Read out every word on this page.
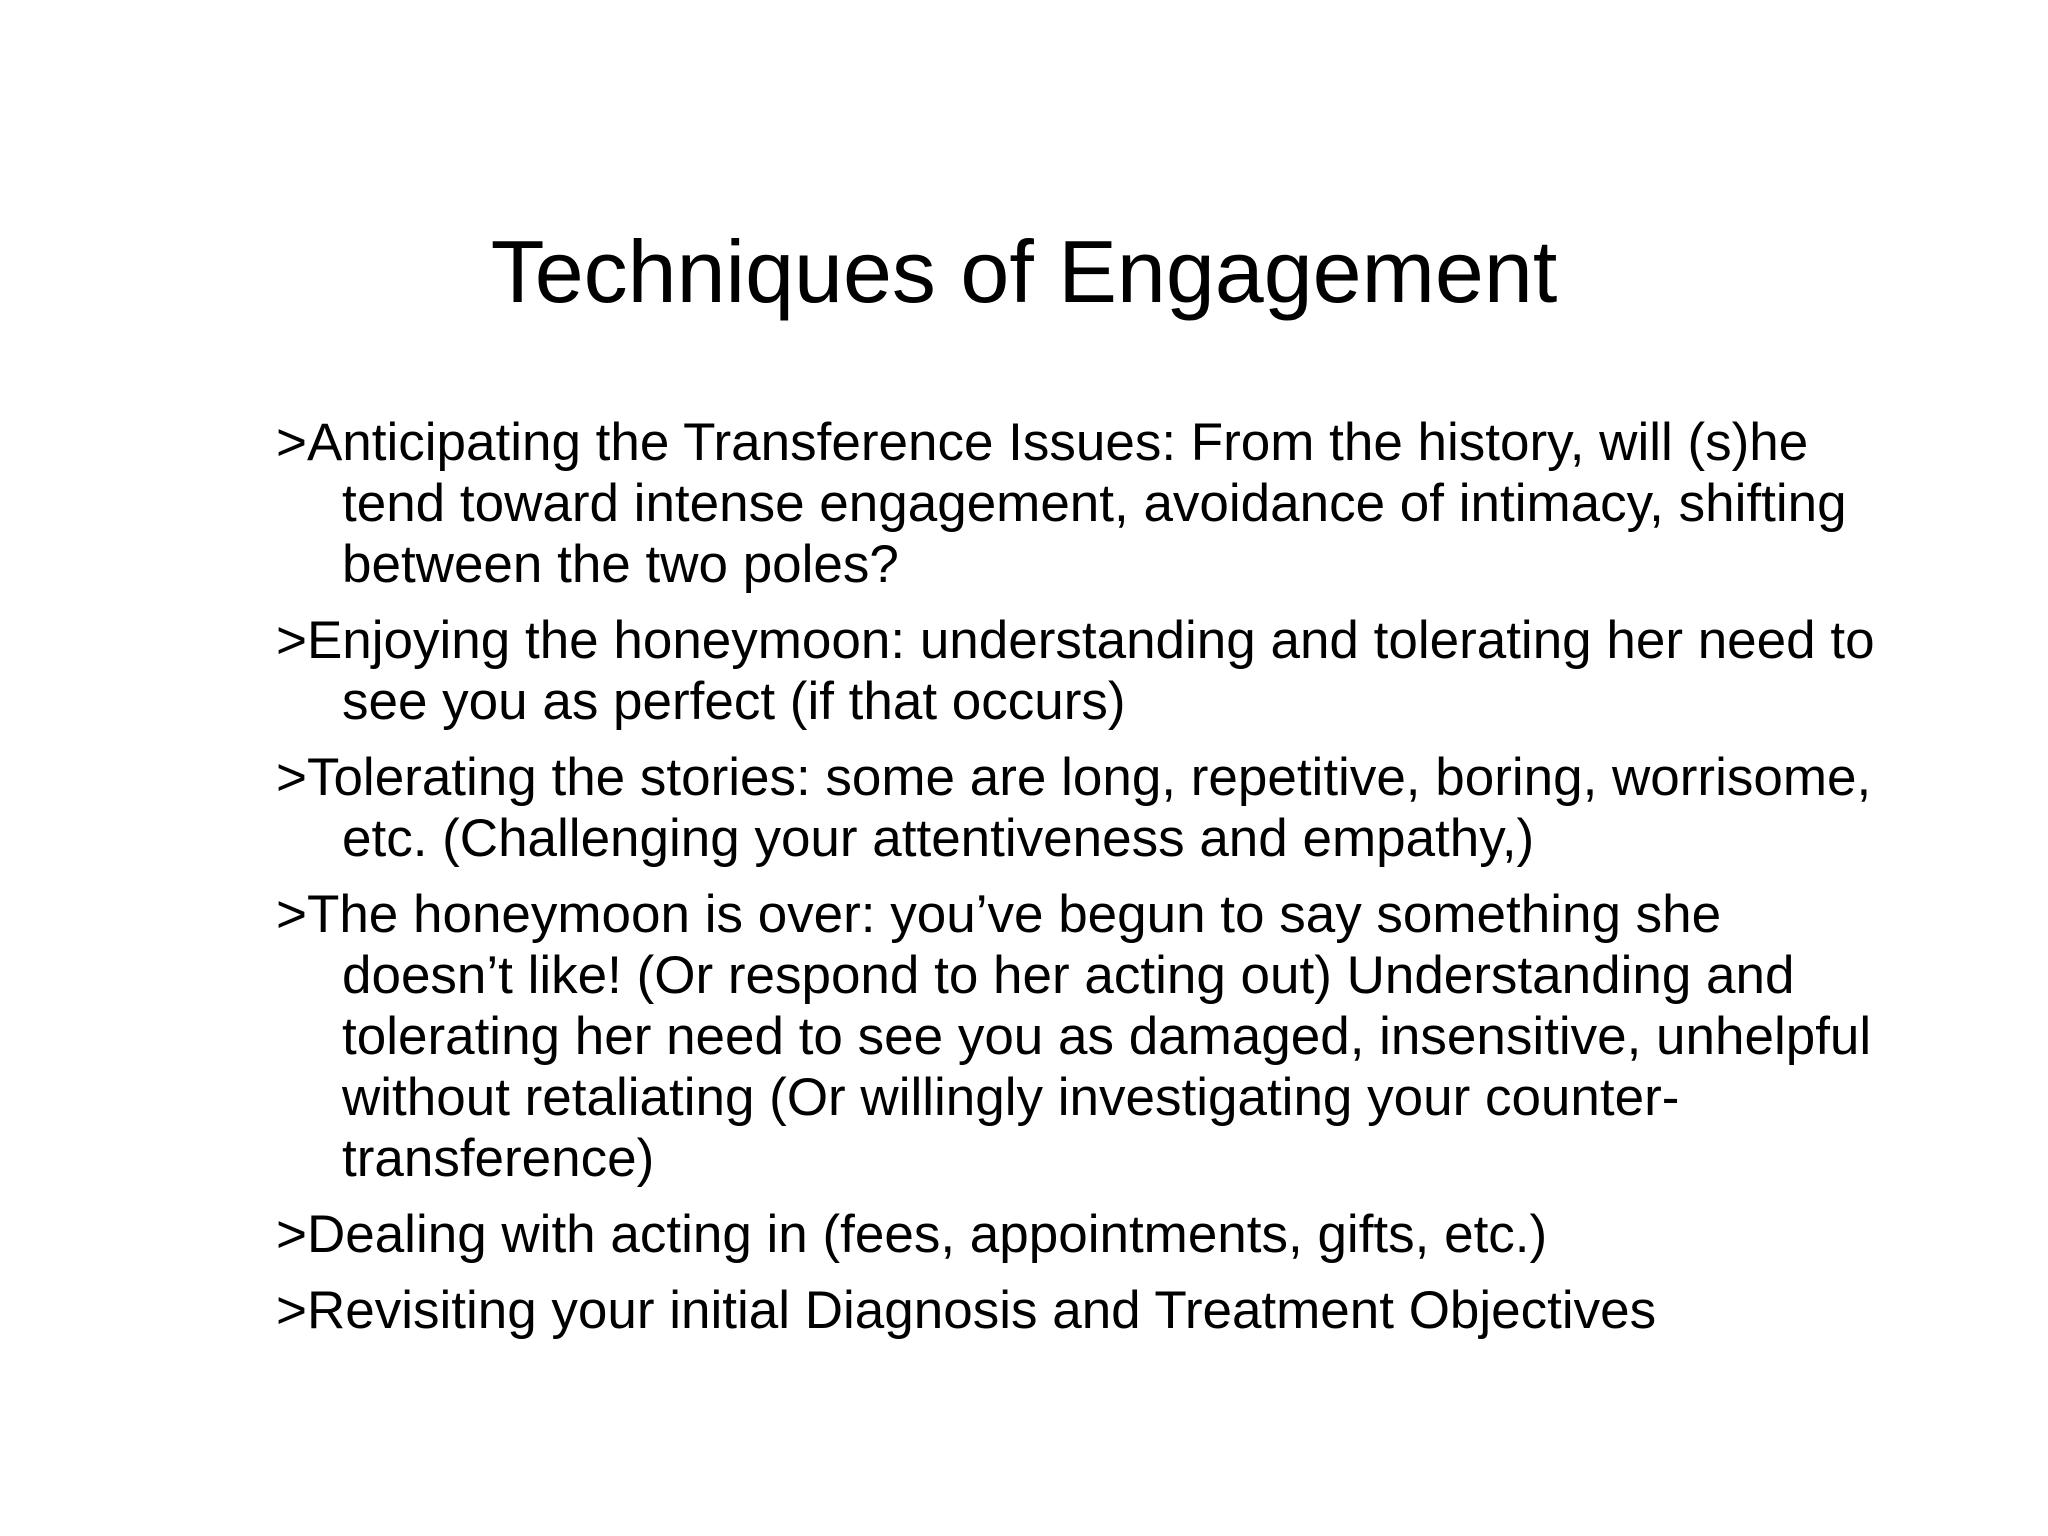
Techniques of Engagement
>Anticipating the Transference Issues: From the history, will (s)he tend toward intense engagement, avoidance of intimacy, shifting between the two poles?
>Enjoying the honeymoon: understanding and tolerating her need to see you as perfect (if that occurs)
>Tolerating the stories: some are long, repetitive, boring, worrisome, etc. (Challenging your attentiveness and empathy,)
>The honeymoon is over: you’ve begun to say something she doesn’t like! (Or respond to her acting out) Understanding and tolerating her need to see you as damaged, insensitive, unhelpful without retaliating (Or willingly investigating your counter-transference)
>Dealing with acting in (fees, appointments, gifts, etc.)
>Revisiting your initial Diagnosis and Treatment Objectives
